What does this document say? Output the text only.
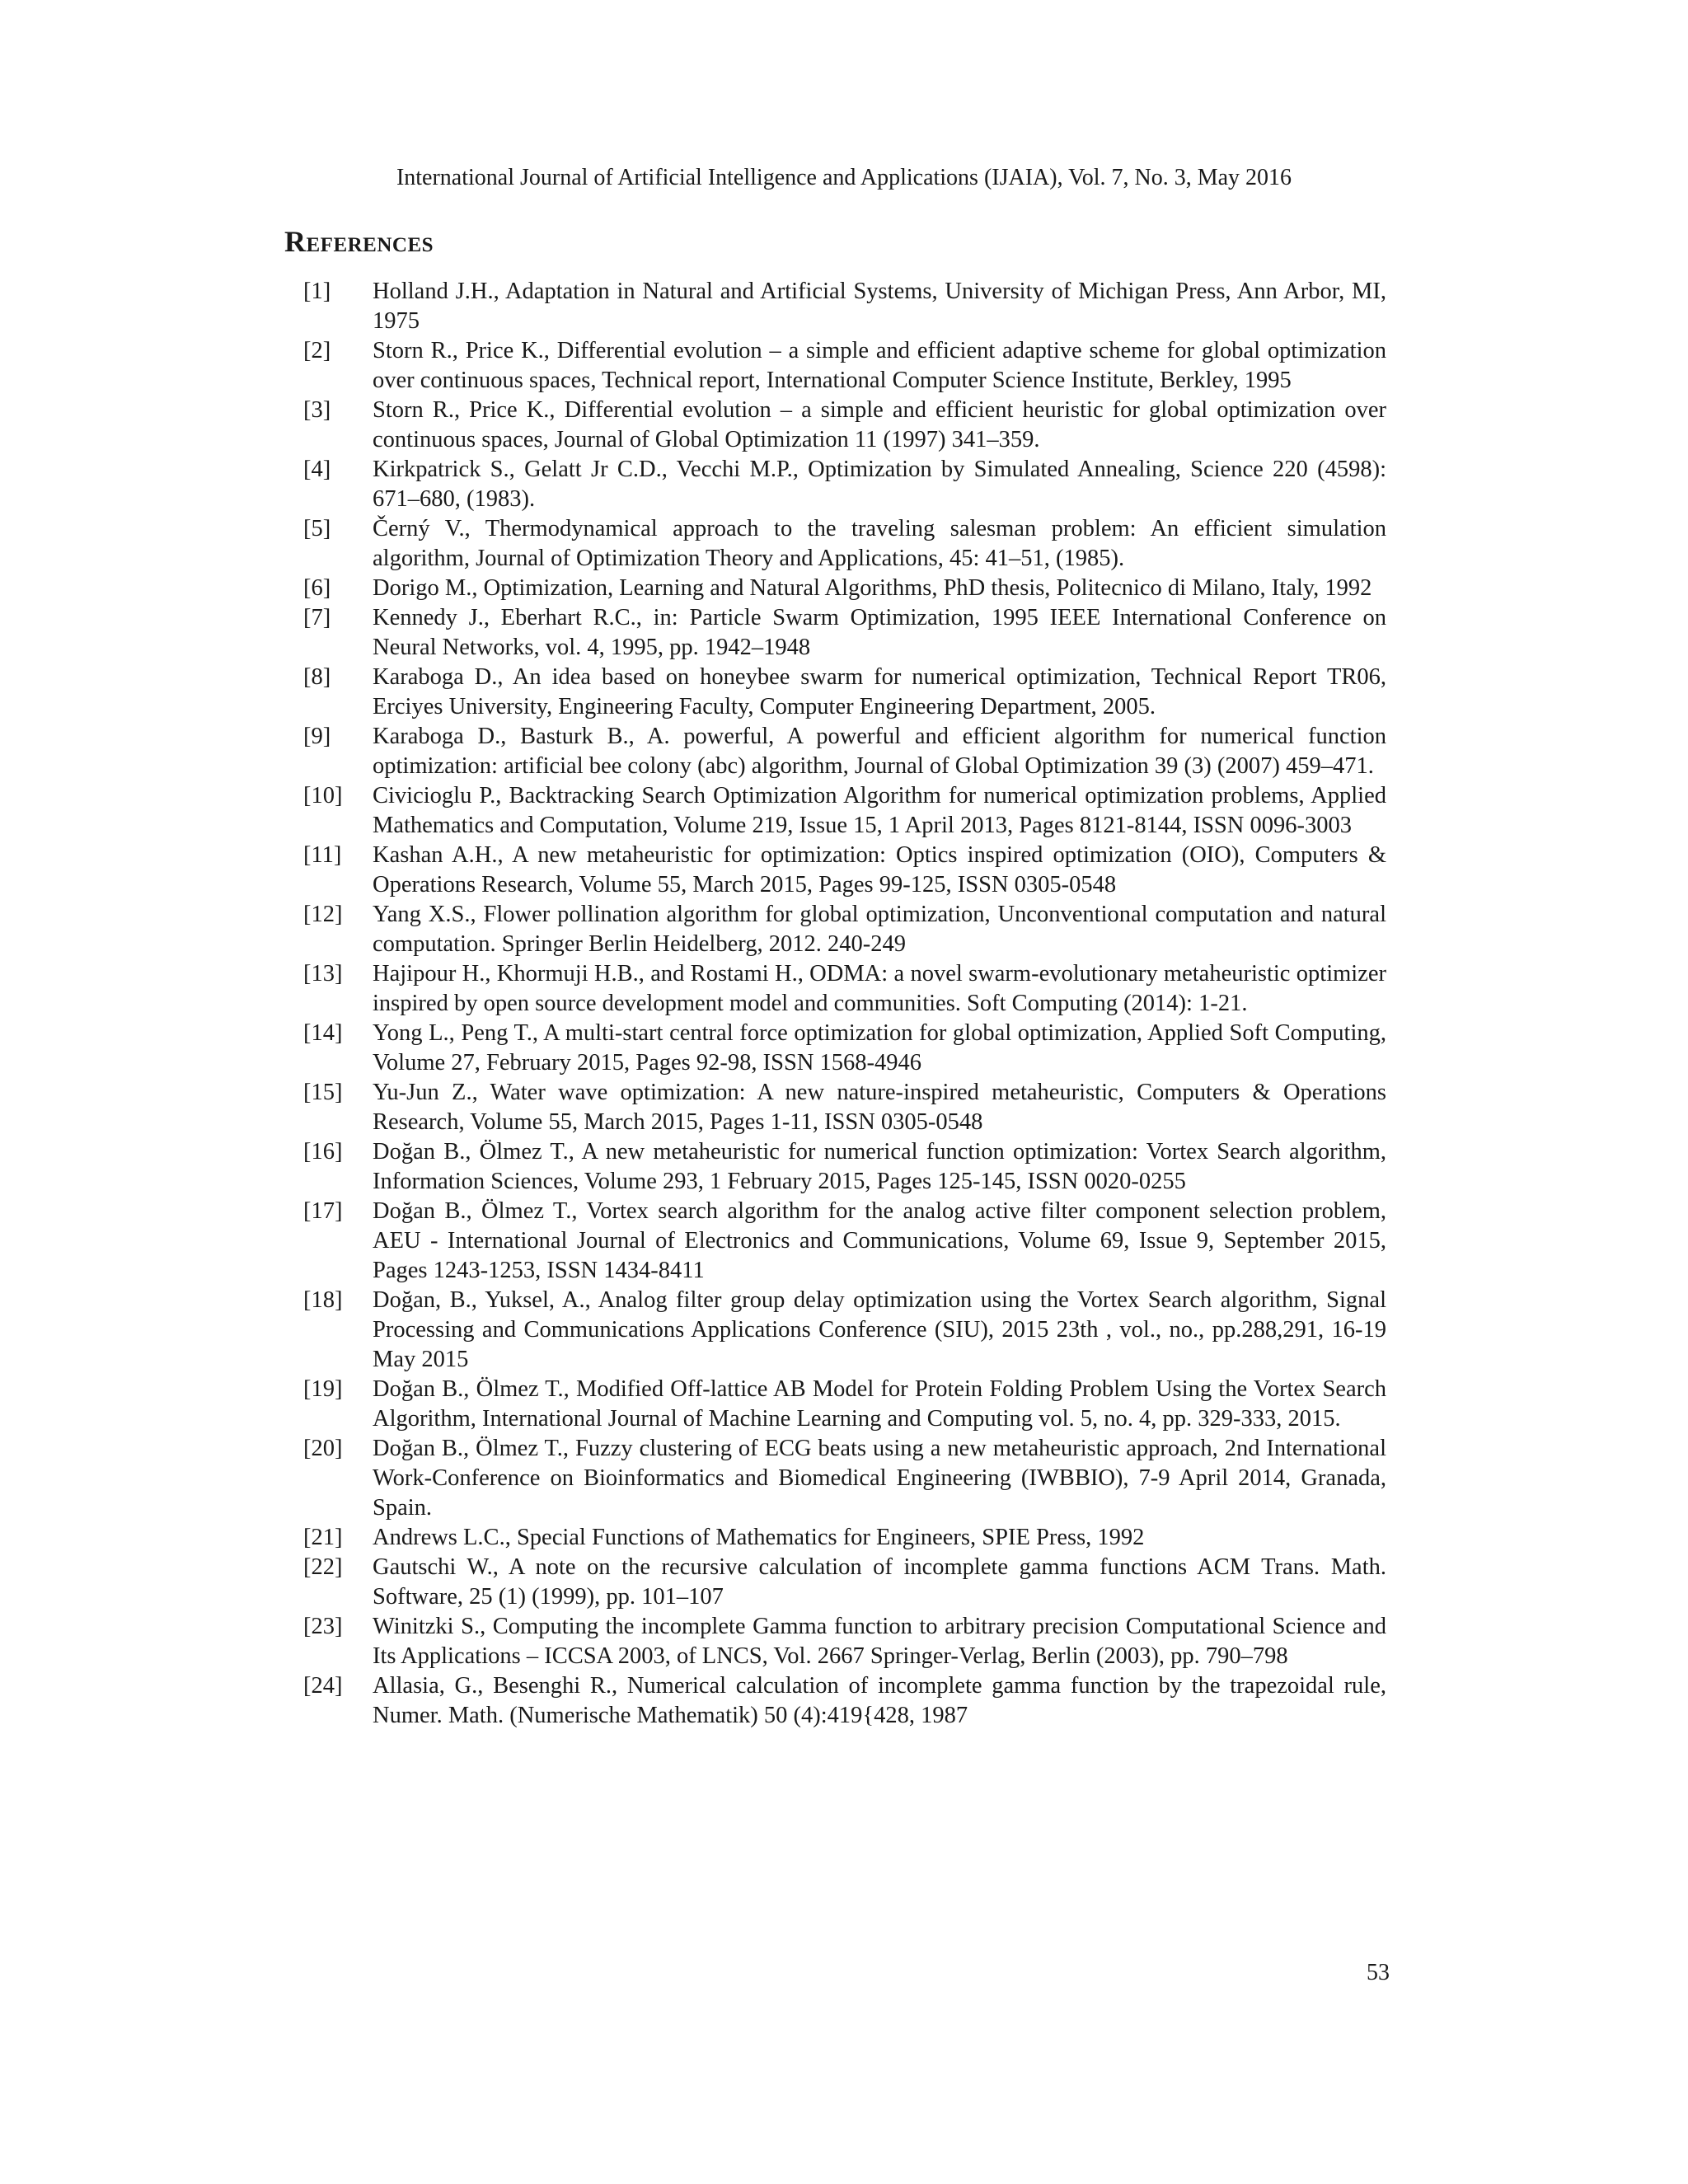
International Journal of Artificial Intelligence and Applications (IJAIA), Vol. 7, No. 3, May 2016
References
[1] Holland J.H., Adaptation in Natural and Artificial Systems, University of Michigan Press, Ann Arbor, MI, 1975
[2] Storn R., Price K., Differential evolution – a simple and efficient adaptive scheme for global optimization over continuous spaces, Technical report, International Computer Science Institute, Berkley, 1995
[3] Storn R., Price K., Differential evolution – a simple and efficient heuristic for global optimization over continuous spaces, Journal of Global Optimization 11 (1997) 341–359.
[4] Kirkpatrick S., Gelatt Jr C.D., Vecchi M.P., Optimization by Simulated Annealing, Science 220 (4598): 671–680, (1983).
[5] Černý V., Thermodynamical approach to the traveling salesman problem: An efficient simulation algorithm, Journal of Optimization Theory and Applications, 45: 41–51, (1985).
[6] Dorigo M., Optimization, Learning and Natural Algorithms, PhD thesis, Politecnico di Milano, Italy, 1992
[7] Kennedy J., Eberhart R.C., in: Particle Swarm Optimization, 1995 IEEE International Conference on Neural Networks, vol. 4, 1995, pp. 1942–1948
[8] Karaboga D., An idea based on honeybee swarm for numerical optimization, Technical Report TR06, Erciyes University, Engineering Faculty, Computer Engineering Department, 2005.
[9] Karaboga D., Basturk B., A. powerful, A powerful and efficient algorithm for numerical function optimization: artificial bee colony (abc) algorithm, Journal of Global Optimization 39 (3) (2007) 459–471.
[10] Civicioglu P., Backtracking Search Optimization Algorithm for numerical optimization problems, Applied Mathematics and Computation, Volume 219, Issue 15, 1 April 2013, Pages 8121-8144, ISSN 0096-3003
[11] Kashan A.H., A new metaheuristic for optimization: Optics inspired optimization (OIO), Computers & Operations Research, Volume 55, March 2015, Pages 99-125, ISSN 0305-0548
[12] Yang X.S., Flower pollination algorithm for global optimization, Unconventional computation and natural computation. Springer Berlin Heidelberg, 2012. 240-249
[13] Hajipour H., Khormuji H.B., and Rostami H., ODMA: a novel swarm-evolutionary metaheuristic optimizer inspired by open source development model and communities. Soft Computing (2014): 1-21.
[14] Yong L., Peng T., A multi-start central force optimization for global optimization, Applied Soft Computing, Volume 27, February 2015, Pages 92-98, ISSN 1568-4946
[15] Yu-Jun Z., Water wave optimization: A new nature-inspired metaheuristic, Computers & Operations Research, Volume 55, March 2015, Pages 1-11, ISSN 0305-0548
[16] Doğan B., Ölmez T., A new metaheuristic for numerical function optimization: Vortex Search algorithm, Information Sciences, Volume 293, 1 February 2015, Pages 125-145, ISSN 0020-0255
[17] Doğan B., Ölmez T., Vortex search algorithm for the analog active filter component selection problem, AEU - International Journal of Electronics and Communications, Volume 69, Issue 9, September 2015, Pages 1243-1253, ISSN 1434-8411
[18] Doğan, B., Yuksel, A., Analog filter group delay optimization using the Vortex Search algorithm, Signal Processing and Communications Applications Conference (SIU), 2015 23th , vol., no., pp.288,291, 16-19 May 2015
[19] Doğan B., Ölmez T., Modified Off-lattice AB Model for Protein Folding Problem Using the Vortex Search Algorithm, International Journal of Machine Learning and Computing vol. 5, no. 4, pp. 329-333, 2015.
[20] Doğan B., Ölmez T., Fuzzy clustering of ECG beats using a new metaheuristic approach, 2nd International Work-Conference on Bioinformatics and Biomedical Engineering (IWBBIO), 7-9 April 2014, Granada, Spain.
[21] Andrews L.C., Special Functions of Mathematics for Engineers, SPIE Press, 1992
[22] Gautschi W., A note on the recursive calculation of incomplete gamma functions ACM Trans. Math. Software, 25 (1) (1999), pp. 101–107
[23] Winitzki S., Computing the incomplete Gamma function to arbitrary precision Computational Science and Its Applications – ICCSA 2003, of LNCS, Vol. 2667 Springer-Verlag, Berlin (2003), pp. 790–798
[24] Allasia, G., Besenghi R., Numerical calculation of incomplete gamma function by the trapezoidal rule, Numer. Math. (Numerische Mathematik) 50 (4):419{428, 1987
53
